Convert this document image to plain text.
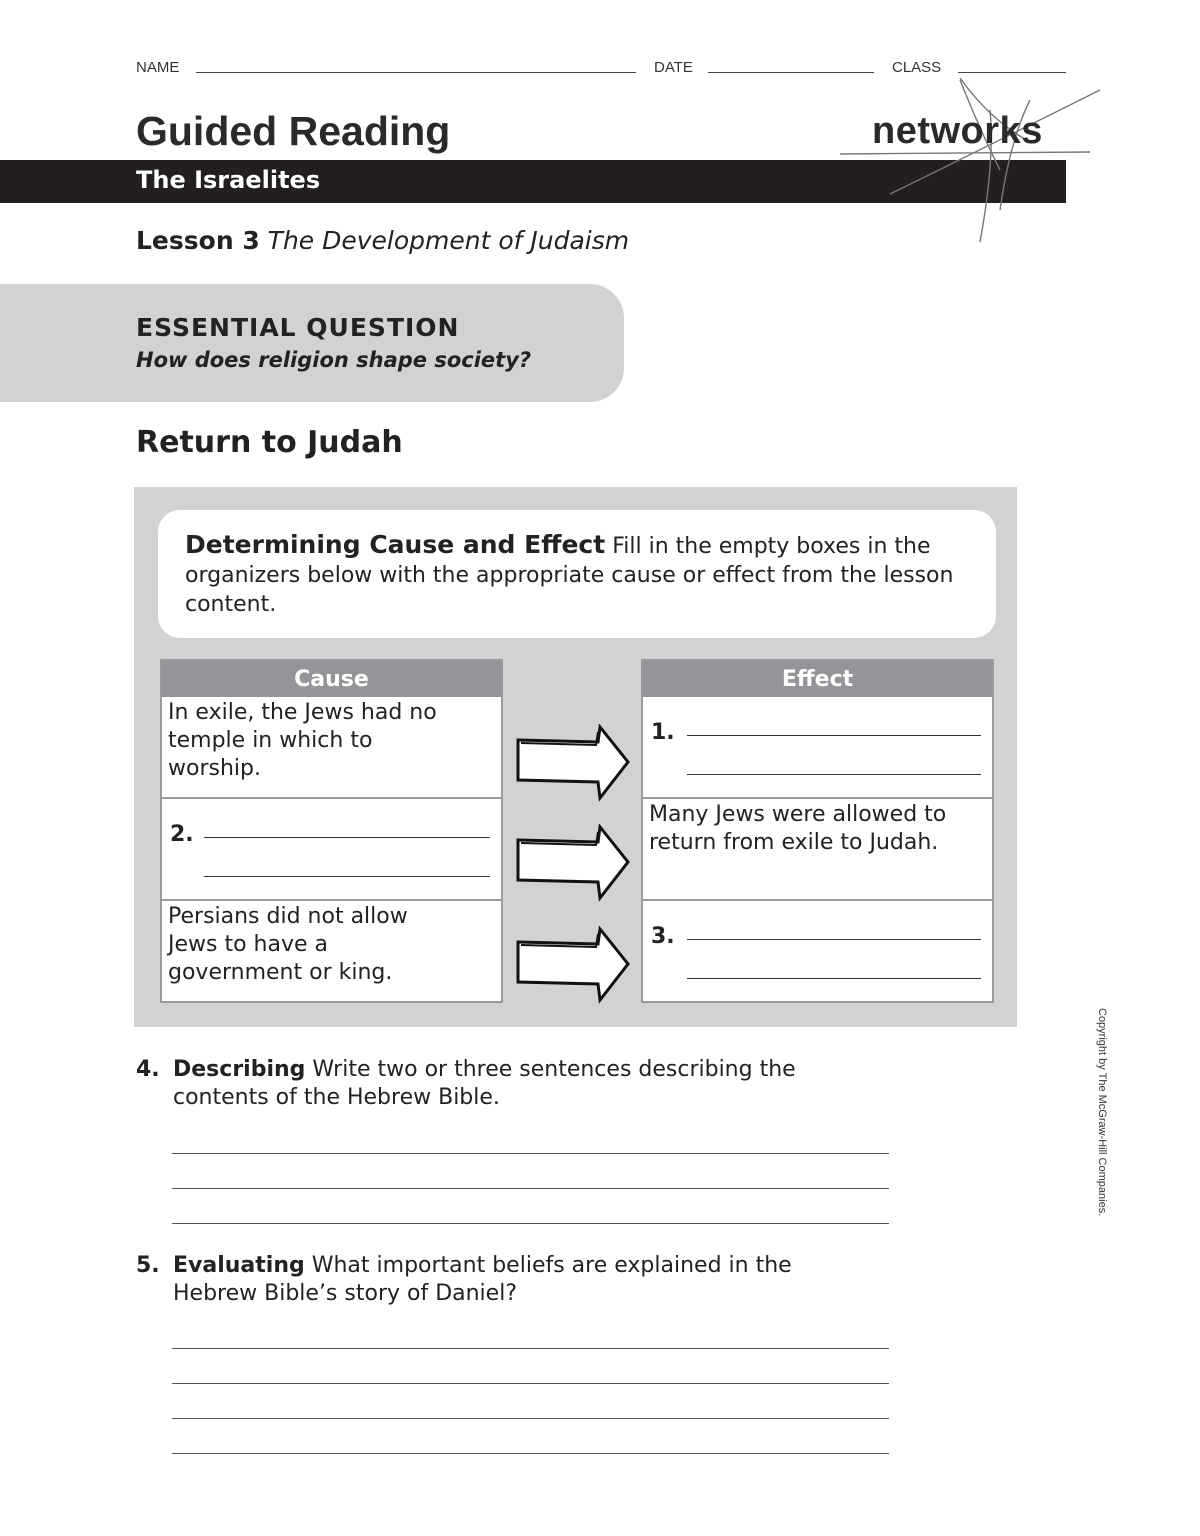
NAME	DATE	CLASS
Guided Reading
The Israelites
networks
Lesson 3 The Development of Judaism
ESSENTIAL QUESTION
How does religion shape society?
Return to Judah
Determining Cause and Effect Fill in the empty boxes in the organizers below with the appropriate cause or effect from the lesson content.
Cause
In exile, the Jews had no temple in which to worship.
2.
Persians did not allow Jews to have a government or king.
Effect
1.
Many Jews were allowed to return from exile to Judah.
3.
4. Describing Write two or three sentences describing the contents of the Hebrew Bible.
5. Evaluating What important beliefs are explained in the Hebrew Bible’s story of Daniel?
Copyright by The McGraw-Hill Companies.
